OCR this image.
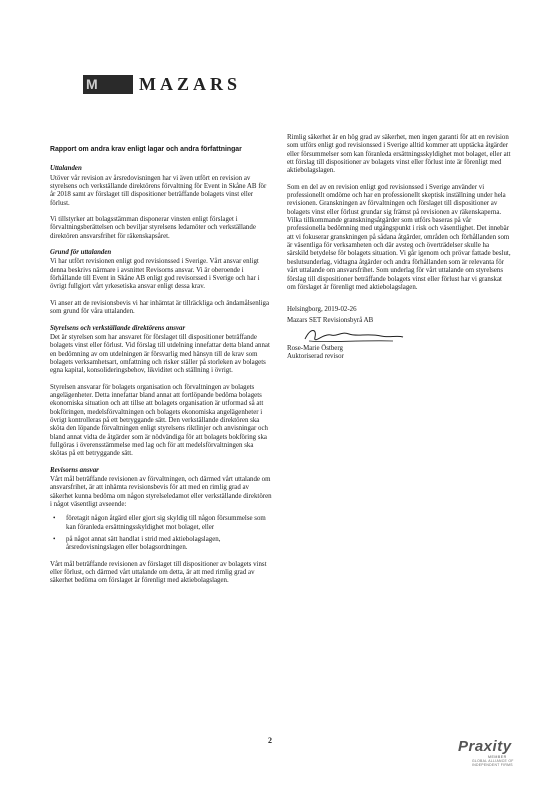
M MAZARS
Rapport om andra krav enligt lagar och andra författningar
Uttalanden

Utöver vår revision av årsredovisningen har vi även utfört en revision av styrelsens och verkställande direktörens förvaltning för Event in Skåne AB för år 2018 samt av förslaget till dispositioner beträffande bolagets vinst eller förlust.

Vi tillstyrker att bolagsstämman disponerar vinsten enligt förslaget i förvaltningsberättelsen och beviljar styrelsens ledamöter och verkställande direktören ansvarsfrihet för räkenskapsåret.

Grund för uttalanden

Vi har utfört revisionen enligt god revisionssed i Sverige. Vårt ansvar enligt denna beskrivs närmare i avsnittet Revisorns ansvar. Vi är oberoende i förhållande till Event in Skåne AB enligt god revisorssed i Sverige och har i övrigt fullgjort vårt yrkesetiska ansvar enligt dessa krav.

Vi anser att de revisionsbevis vi har inhämtat är tillräckliga och ändamålsenliga som grund för våra uttalanden.

Styrelsens och verkställande direktörens ansvar

Det är styrelsen som har ansvaret för förslaget till dispositioner beträffande bolagets vinst eller förlust. Vid förslag till utdelning innefattar detta bland annat en bedömning av om utdelningen är försvarlig med hänsyn till de krav som bolagets verksamhetsart, omfattning och risker ställer på storleken av bolagets egna kapital, konsolideringsbehov, likviditet och ställning i övrigt.

Styrelsen ansvarar för bolagets organisation och förvaltningen av bolagets angelägenheter. Detta innefattar bland annat att fortlöpande bedöma bolagets ekonomiska situation och att tillse att bolagets organisation är utformad så att bokföringen, medelsförvaltningen och bolagets ekonomiska angelägenheter i övrigt kontrolleras på ett betryggande sätt. Den verkställande direktören ska sköta den löpande förvaltningen enligt styrelsens riktlinjer och anvisningar och bland annat vidta de åtgärder som är nödvändiga för att bolagets bokföring ska fullgöras i överensstämmelse med lag och för att medelsförvaltningen ska skötas på ett betryggande sätt.

Revisorns ansvar

Vårt mål beträffande revisionen av förvaltningen, och därmed vårt uttalande om ansvarsfrihet, är att inhämta revisionsbevis för att med en rimlig grad av säkerhet kunna bedöma om någon styrelseledamot eller verkställande direktören i något väsentligt avseende:

• företagit någon åtgärd eller gjort sig skyldig till någon försummelse som kan föranleda ersättningsskyldighet mot bolaget, eller
• på något annat sätt handlat i strid med aktiebolagslagen, årsredovisningslagen eller bolagsordningen.

Vårt mål beträffande revisionen av förslaget till dispositioner av bolagets vinst eller förlust, och därmed vårt uttalande om detta, är att med rimlig grad av säkerhet bedöma om förslaget är förenligt med aktiebolagslagen.

Rimlig säkerhet är en hög grad av säkerhet, men ingen garanti för att en revision som utförs enligt god revisionssed i Sverige alltid kommer att upptäcka åtgärder eller försummelser som kan föranleda ersättningsskyldighet mot bolaget, eller att ett förslag till dispositioner av bolagets vinst eller förlust inte är förenligt med aktiebolagslagen.

Som en del av en revision enligt god revisionssed i Sverige använder vi professionellt omdöme och har en professionellt skeptisk inställning under hela revisionen. Granskningen av förvaltningen och förslaget till dispositioner av bolagets vinst eller förlust grundar sig främst på revisionen av räkenskaperna. Vilka tillkommande granskningsåtgärder som utförs baseras på vår professionella bedömning med utgångspunkt i risk och väsentlighet. Det innebär att vi fokuserar granskningen på sådana åtgärder, områden och förhållanden som är väsentliga för verksamheten och där avsteg och överträdelser skulle ha särskild betydelse för bolagets situation. Vi går igenom och prövar fattade beslut, beslutsunderlag, vidtagna åtgärder och andra förhållanden som är relevanta för vårt uttalande om ansvarsfrihet. Som underlag för vårt uttalande om styrelsens förslag till dispositioner beträffande bolagets vinst eller förlust har vi granskat om förslaget är förenligt med aktiebolagslagen.

Helsingborg, 2019-02-26
Mazars SET Revisionsbyrå AB
Rose-Marie Östberg
Auktoriserad revisor
2	Praxity
MEMBER
GLOBAL ALLIANCE OF INDEPENDENT FIRMS
